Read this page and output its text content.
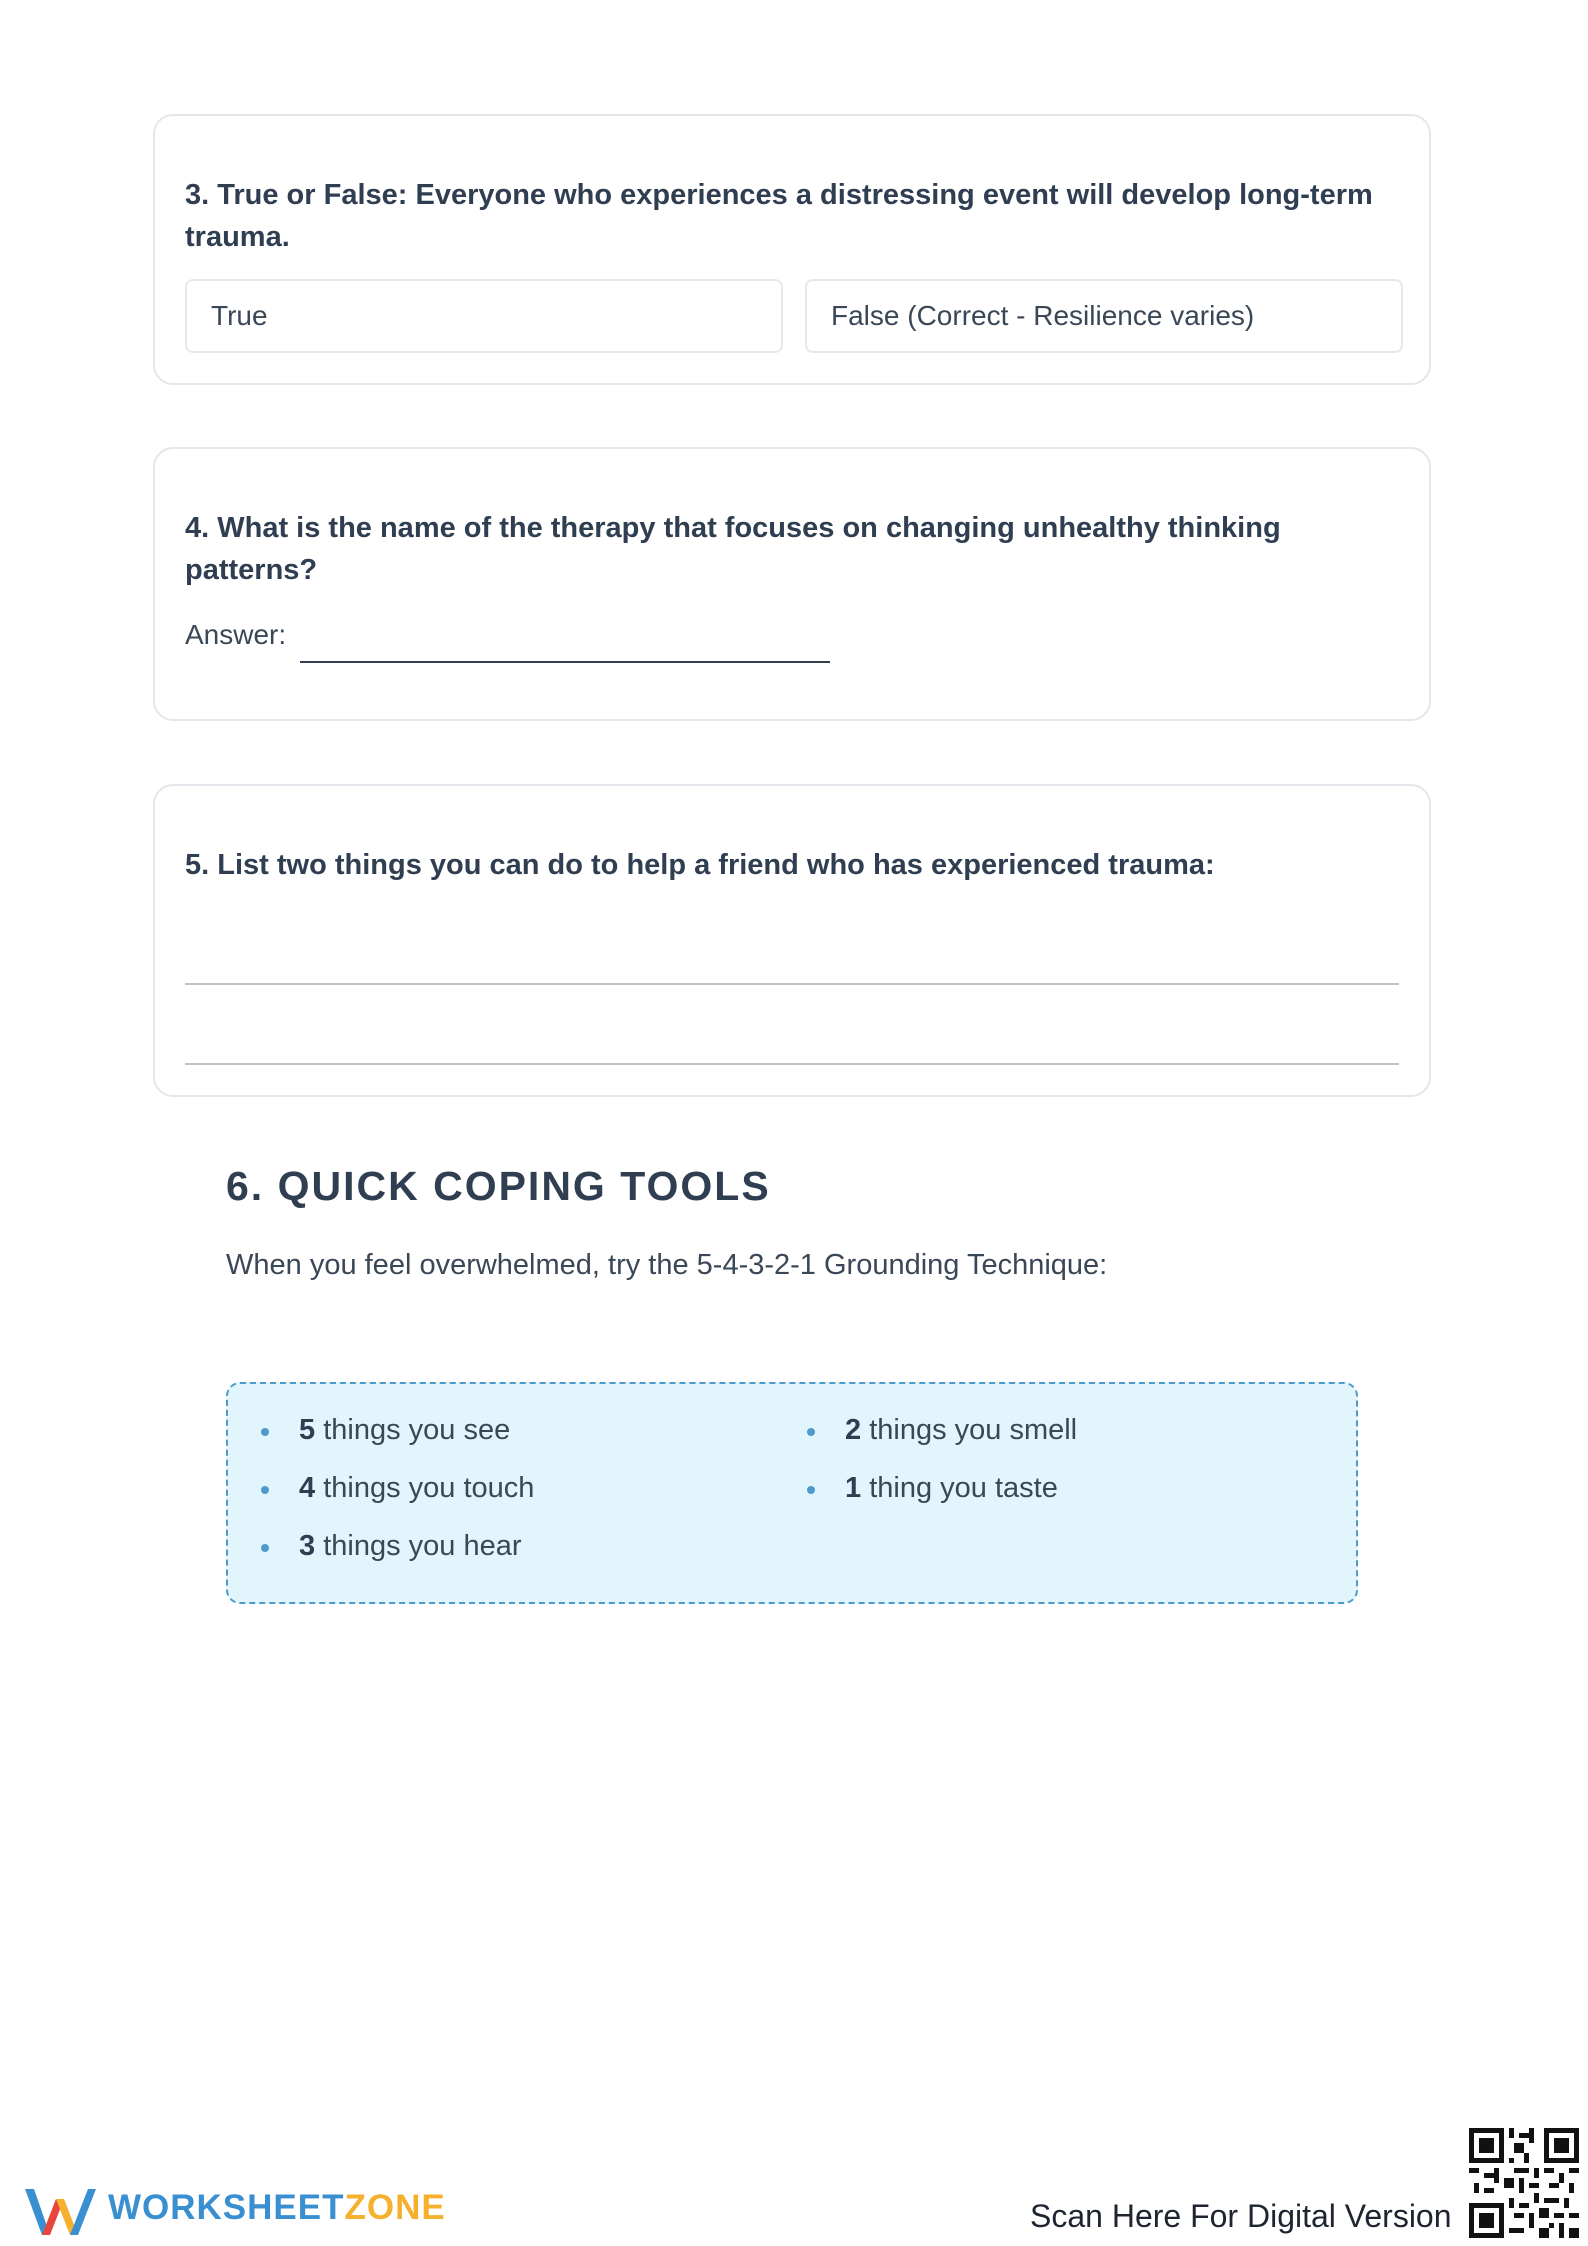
3. True or False: Everyone who experiences a distressing event will develop long-term trauma.
True	False (Correct - Resilience varies)
4. What is the name of the therapy that focuses on changing unhealthy thinking patterns?
Answer:
5. List two things you can do to help a friend who has experienced trauma:
6. QUICK COPING TOOLS
When you feel overwhelmed, try the 5-4-3-2-1 Grounding Technique:
5 things you see
4 things you touch
3 things you hear
2 things you smell
1 thing you taste
WORKSHEETZONE	Scan Here For Digital Version
